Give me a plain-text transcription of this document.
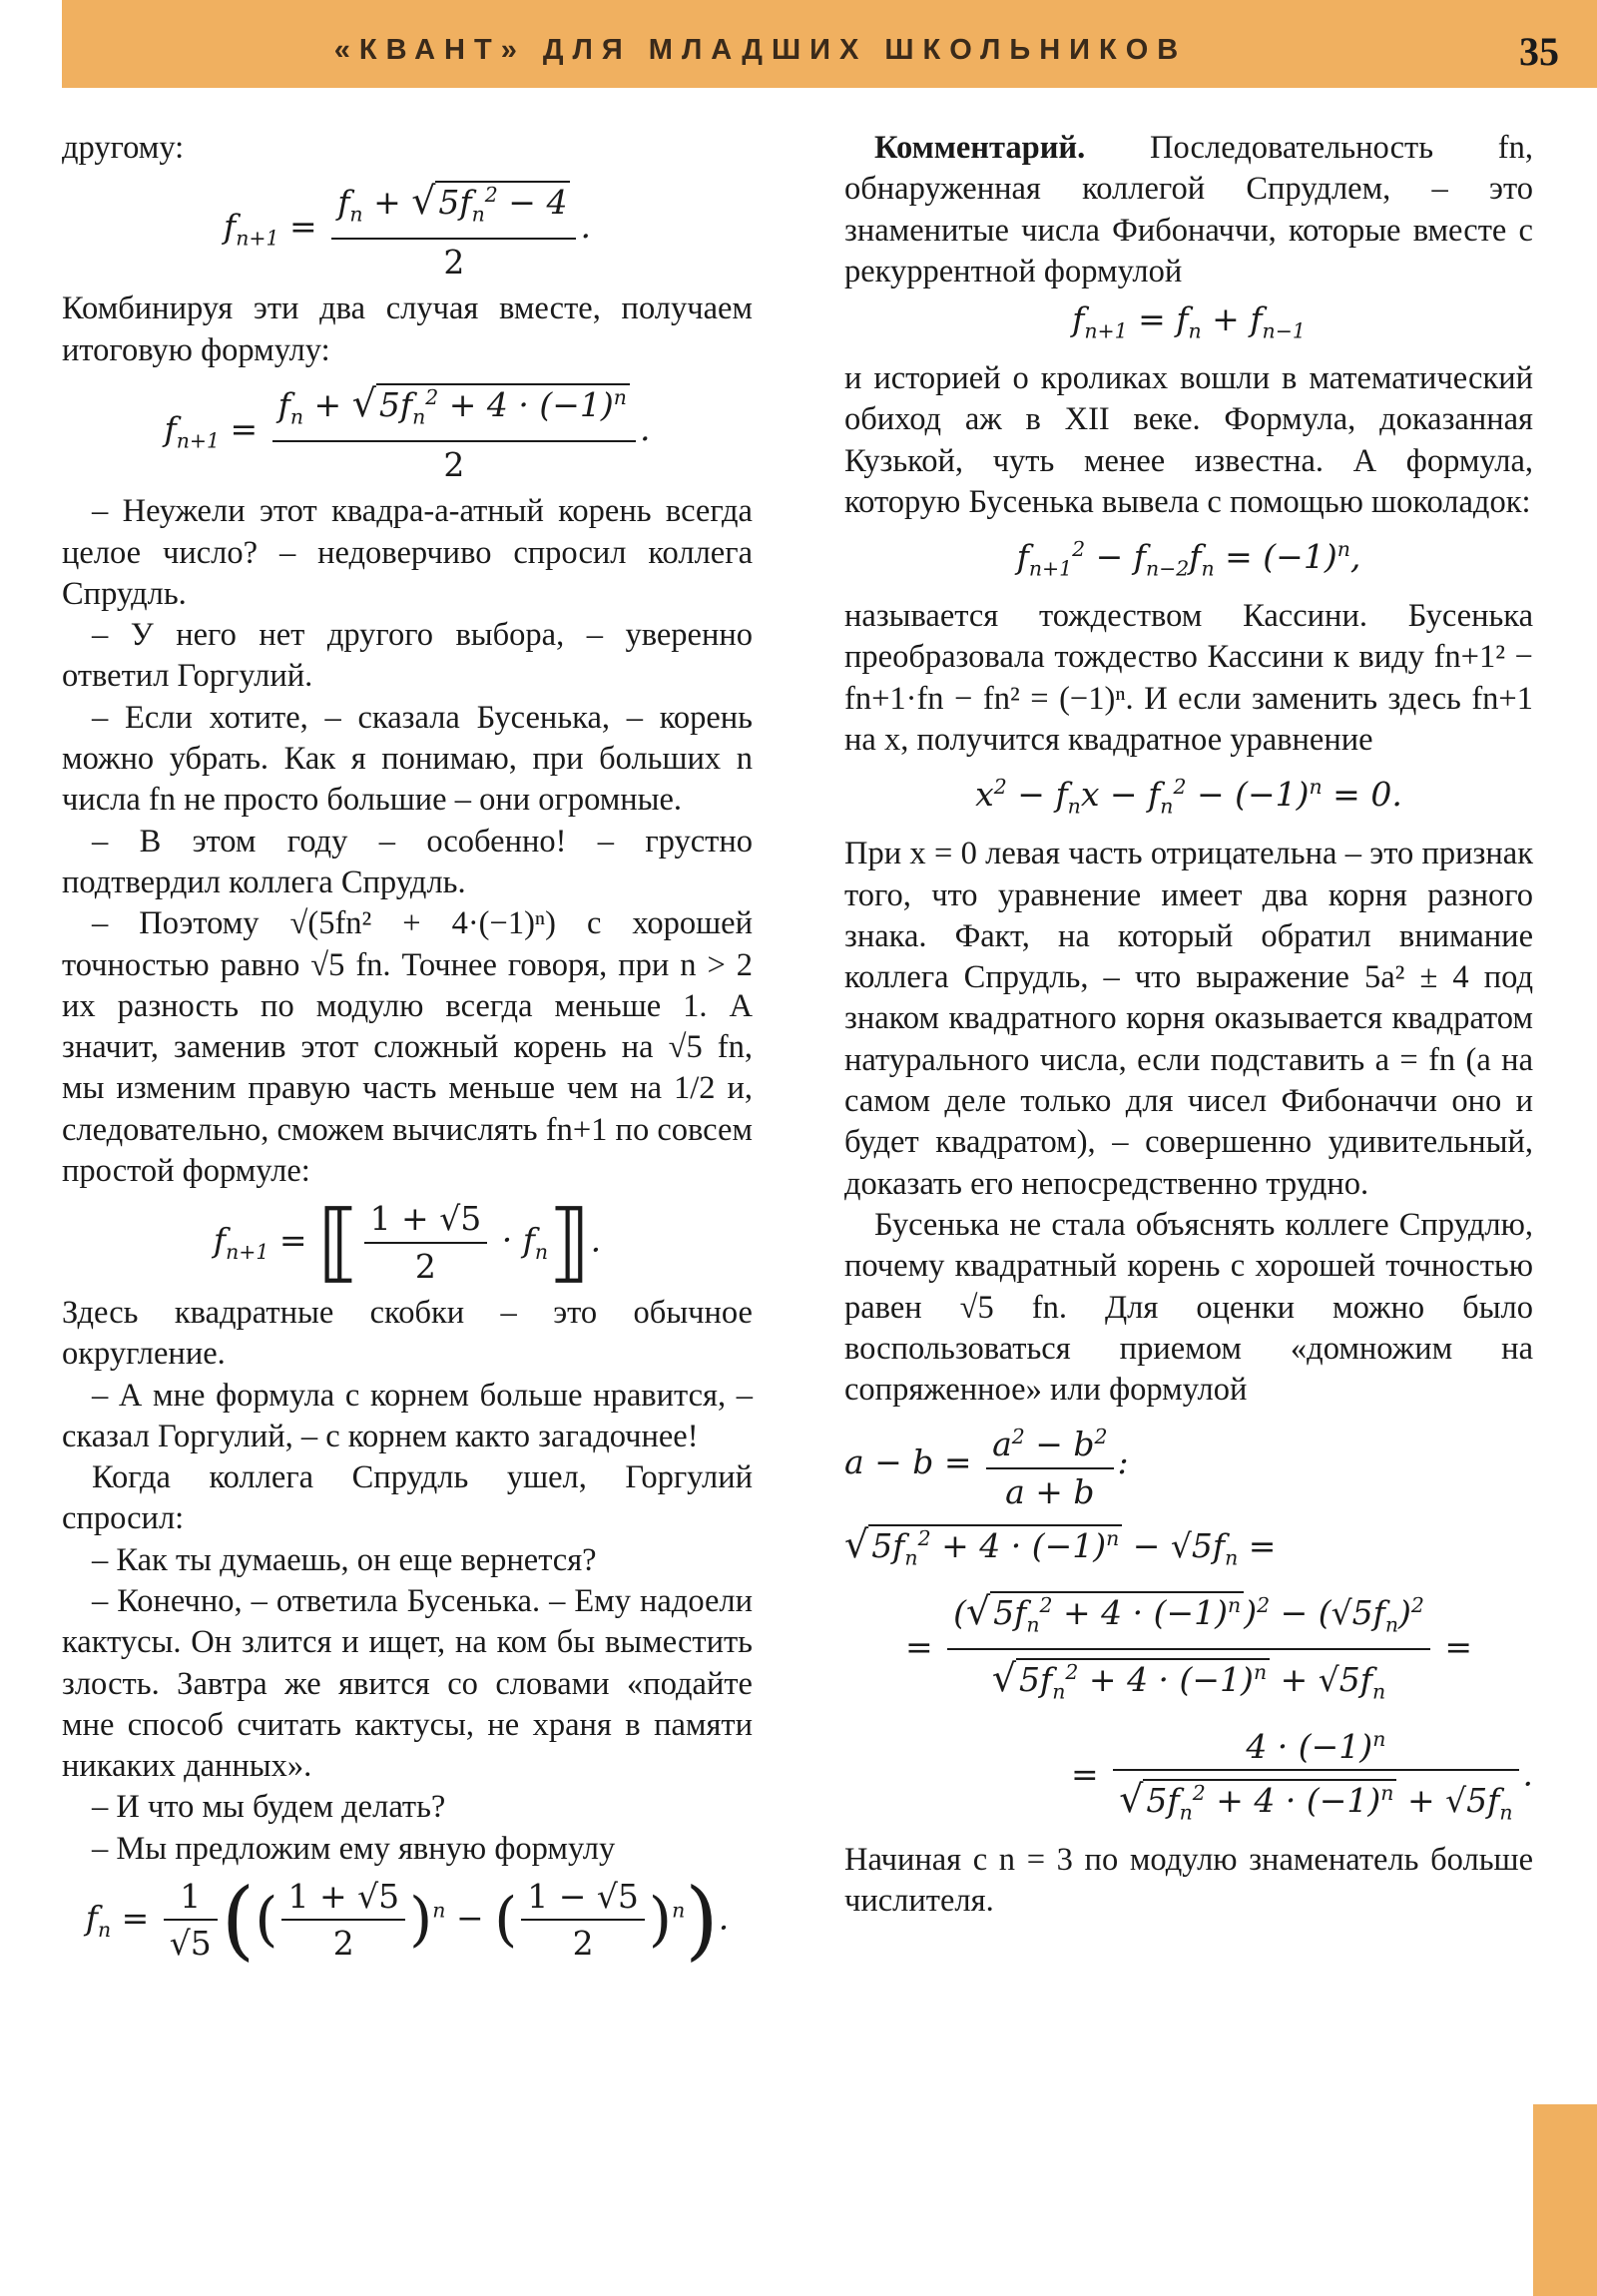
«КВАНТ» ДЛЯ МЛАДШИХ ШКОЛЬНИКОВ	35

другому:

$f_{n+1} = \frac{f_n + √5f_n^2 - 4}{2}$ .

Комбинируя эти два случая вместе, получаем итоговую формулу:

$f_{n+1} = \frac{f_n + √5f_n^2 + 4 \cdot (-1)^n}{2}$ .

– Неужели этот квадра-а-атный корень всегда целое число? – недоверчиво спросил коллега Спрудль.

– У него нет другого выбора, – уверенно ответил Горгулий.

– Если хотите, – сказала Бусенька, – корень можно убрать. Как я понимаю, при больших n числа fn не просто большие – они огромные.

– В этом году – особенно! – грустно подтвердил коллега Спрудль.

– Поэтому √(5fn² + 4·(−1)ⁿ) с хорошей точностью равно √5 fn. Точнее говоря, при n > 2 их разность по модулю всегда меньше 1. А значит, заменив этот сложный корень на √5 fn, мы изменим правую часть меньше чем на 1/2 и, следовательно, сможем вычислять fn+1 по совсем простой формуле:

$f_{n+1}$ = ⟦ $\frac{1 + √5}{2}$ · $f_n⟧$.

Здесь квадратные скобки – это обычное округление.

– А мне формула с корнем больше нравится, – сказал Горгулий, – с корнем както загадочнее!

Когда коллега Спрудль ушел, Горгулий спросил:

– Как ты думаешь, он еще вернется?

– Конечно, – ответила Бусенька. – Ему надоели кактусы. Он злится и ищет, на ком бы выместить злость. Завтра же явится со словами «подайте мне способ считать кактусы, не храня в памяти никаких данных».

– И что мы будем делать?

– Мы предложим ему явную формулу

$f_n = \frac{1}{√5}$ (( $\frac{1 + √5}{2} )^n$ − ( $\frac{1 - √5}{2} )^n$).

Комментарий. Последовательность fn, обнаруженная коллегой Спрудлем, – это знаменитые числа Фибоначчи, которые вместе с рекуррентной формулой

$f_{n+1} = f_n + f_{n-1}$

и историей о кроликах вошли в математический обиход аж в XII веке. Формула, доказанная Кузькой, чуть менее известна. А формула, которую Бусенька вывела с помощью шоколадок:

$f_{n+1}^2 - f_{n-2}f_n = (-1)^n$,

называется тождеством Кассини. Бусенька преобразовала тождество Кассини к виду fn+1² − fn+1·fn − fn² = (−1)ⁿ. И если заменить здесь fn+1 на x, получится квадратное уравнение

$x^2 - f_nx - f_n^2 - (-1)^n = 0$.

При x = 0 левая часть отрицательна – это признак того, что уравнение имеет два корня разного знака. Факт, на который обратил внимание коллега Спрудль, – что выражение 5a² ± 4 под знаком квадратного корня оказывается квадратом натурального числа, если подставить a = fn (а на самом деле только для чисел Фибоначчи оно и будет квадратом), – совершенно удивительный, доказать его непосредственно трудно.

Бусенька не стала объяснять коллеге Спрудлю, почему квадратный корень с хорошей точностью равен √5 fn. Для оценки можно было воспользоваться приемом «домножим на сопряженное» или формулой

$a - b = \frac{a^2 - b^2}{a + b}$ :
$√5f_n^2 + 4 \cdot (-1)^n - √5f_n$ =
= $\frac{(√5f_n^2 + 4 \cdot (-1)^n)^2 - (√5f_n)^2}{√5f_n^2 + 4 \cdot (-1)^n + √5f_n}$ =
= $\frac{4 \cdot (-1)^n}{√5f_n^2 + 4 \cdot (-1)^n + √5f_n}$ .

Начиная с n = 3 по модулю знаменатель больше числителя.
